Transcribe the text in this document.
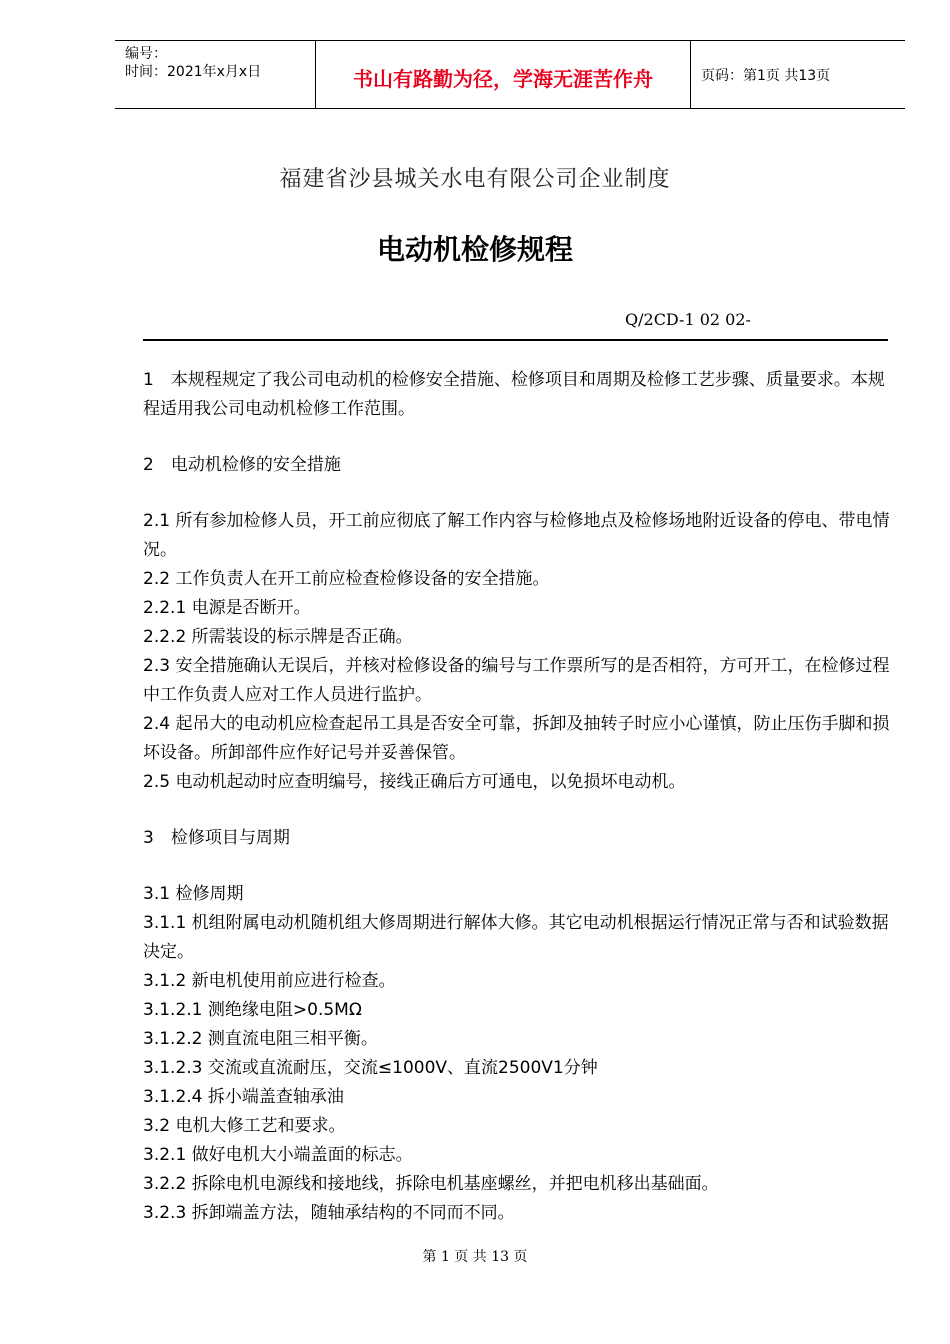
编号：
时间：2021年x月x日	书山有路勤为径，学海无涯苦作舟	页码：第1页 共13页
福建省沙县城关水电有限公司企业制度
电动机检修规程
Q/2CD-1 02 02-

1　本规程规定了我公司电动机的检修安全措施、检修项目和周期及检修工艺步骤、质量要求。本规程适用我公司电动机检修工作范围。

2　电动机检修的安全措施

2.1 所有参加检修人员，开工前应彻底了解工作内容与检修地点及检修场地附近设备的停电、带电情况。

2.2 工作负责人在开工前应检查检修设备的安全措施。

2.2.1 电源是否断开。

2.2.2 所需装设的标示牌是否正确。

2.3 安全措施确认无误后，并核对检修设备的编号与工作票所写的是否相符，方可开工，在检修过程中工作负责人应对工作人员进行监护。

2.4 起吊大的电动机应检查起吊工具是否安全可靠，拆卸及抽转子时应小心谨慎，防止压伤手脚和损坏设备。所卸部件应作好记号并妥善保管。

2.5 电动机起动时应查明编号，接线正确后方可通电，以免损坏电动机。

3　检修项目与周期

3.1 检修周期

3.1.1 机组附属电动机随机组大修周期进行解体大修。其它电动机根据运行情况正常与否和试验数据决定。

3.1.2 新电机使用前应进行检查。

3.1.2.1 测绝缘电阻>0.5MΩ

3.1.2.2 测直流电阻三相平衡。

3.1.2.3 交流或直流耐压，交流≤1000V、直流2500V1分钟

3.1.2.4 拆小端盖查轴承油

3.2 电机大修工艺和要求。

3.2.1 做好电机大小端盖面的标志。

3.2.2 拆除电机电源线和接地线，拆除电机基座螺丝，并把电机移出基础面。

3.2.3 拆卸端盖方法，随轴承结构的不同而不同。

第 1 页 共 13 页
